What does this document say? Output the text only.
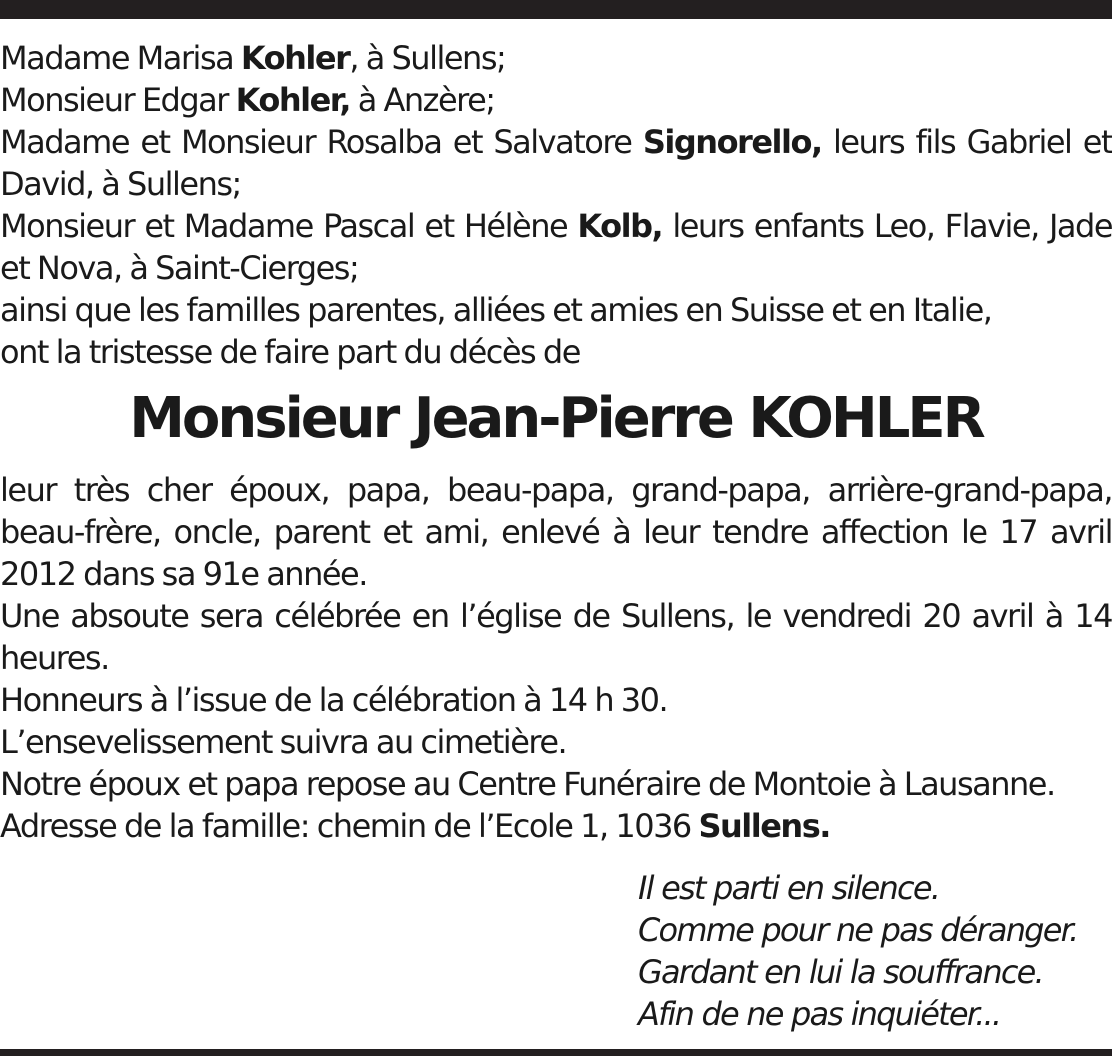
Madame Marisa Kohler, à Sullens;

Monsieur Edgar Kohler, à Anzère;

Madame et Monsieur Rosalba et Salvatore Signorello, leurs fils Gabriel et David, à Sullens;

Monsieur et Madame Pascal et Hélène Kolb, leurs enfants Leo, Flavie, Jade et Nova, à Saint-Cierges;

ainsi que les familles parentes, alliées et amies en Suisse et en Italie,

ont la tristesse de faire part du décès de

Monsieur Jean-Pierre KOHLER

leur très cher époux, papa, beau-papa, grand-papa, arrière-grand-papa, beau-frère, oncle, parent et ami, enlevé à leur tendre affection le 17 avril 2012 dans sa 91e année.

Une absoute sera célébrée en l’église de Sullens, le vendredi 20 avril à 14 heures.

Honneurs à l’issue de la célébration à 14 h 30.

L’ensevelissement suivra au cimetière.

Notre époux et papa repose au Centre Funéraire de Montoie à Lausanne.

Adresse de la famille: chemin de l’Ecole 1, 1036 Sullens.

Il est parti en silence.
Comme pour ne pas déranger.
Gardant en lui la souffrance.
Afin de ne pas inquiéter...
